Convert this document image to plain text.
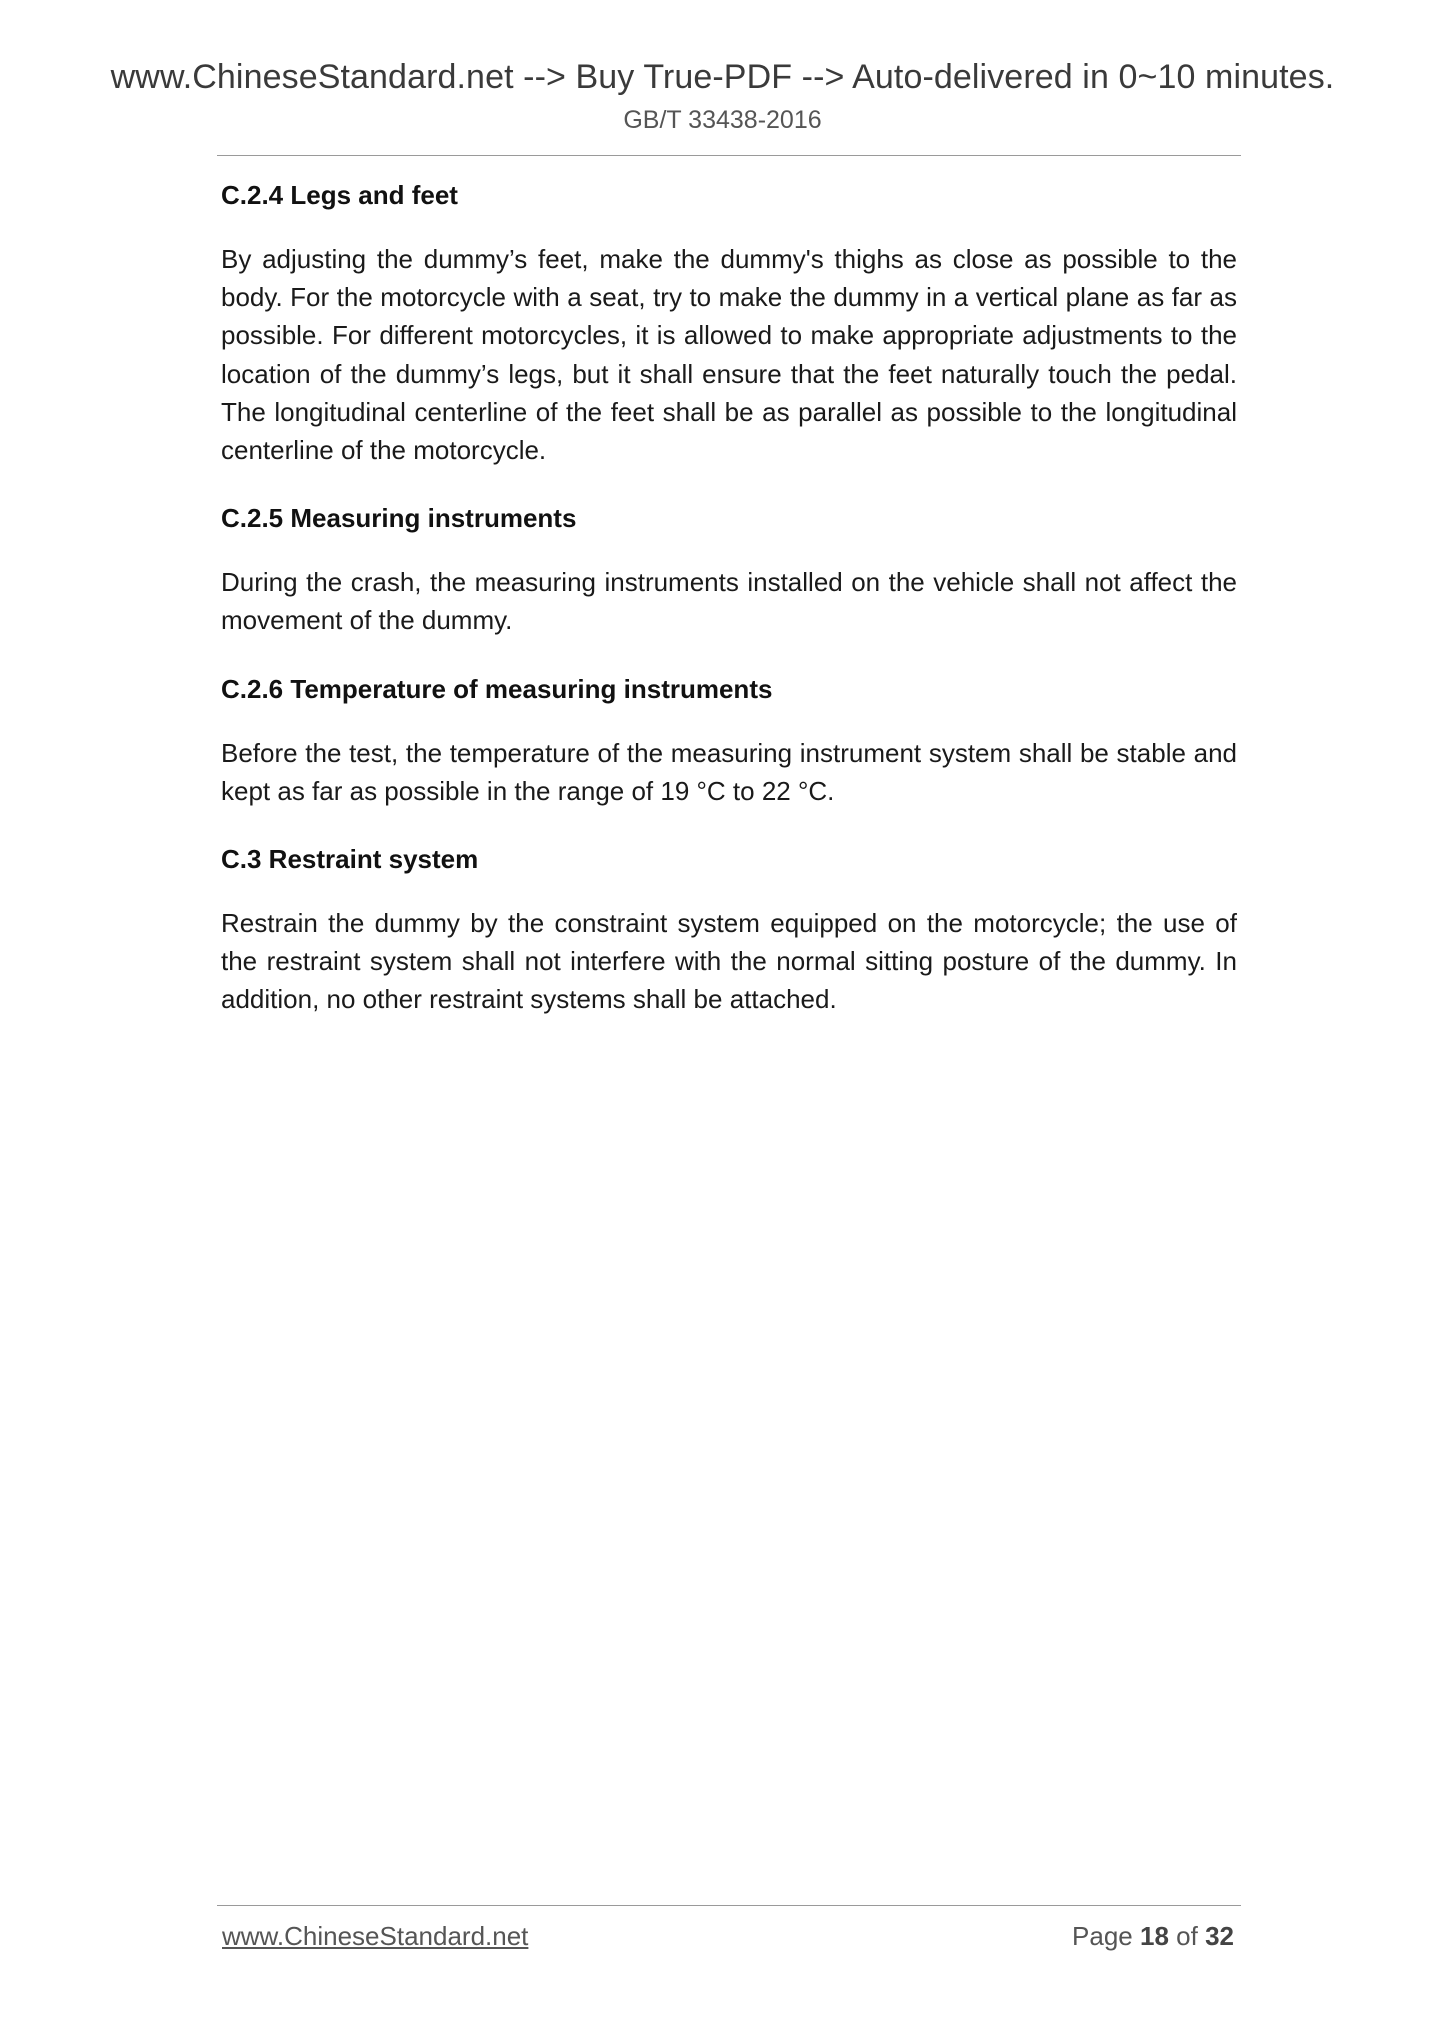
www.ChineseStandard.net --> Buy True-PDF --> Auto-delivered in 0~10 minutes.
GB/T 33438-2016
C.2.4 Legs and feet
By adjusting the dummy’s feet, make the dummy's thighs as close as possible to the body. For the motorcycle with a seat, try to make the dummy in a vertical plane as far as possible. For different motorcycles, it is allowed to make appropriate adjustments to the location of the dummy’s legs, but it shall ensure that the feet naturally touch the pedal. The longitudinal centerline of the feet shall be as parallel as possible to the longitudinal centerline of the motorcycle.
C.2.5 Measuring instruments
During the crash, the measuring instruments installed on the vehicle shall not affect the movement of the dummy.
C.2.6 Temperature of measuring instruments
Before the test, the temperature of the measuring instrument system shall be stable and kept as far as possible in the range of 19 °C to 22 °C.
C.3 Restraint system
Restrain the dummy by the constraint system equipped on the motorcycle; the use of the restraint system shall not interfere with the normal sitting posture of the dummy. In addition, no other restraint systems shall be attached.
www.ChineseStandard.net	Page 18 of 32
